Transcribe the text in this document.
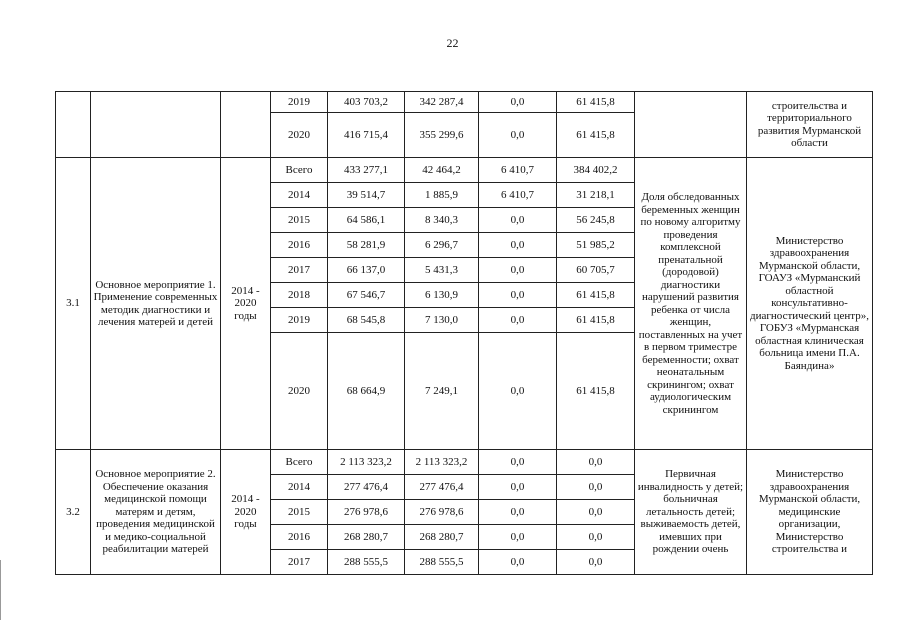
22
			2019	403 703,2	342 287,4	0,0	61 415,8		строительства и территориального развития Мурманской области
			2020	416 715,4	355 299,6	0,0	61 415,8		
3.1	Основное мероприятие 1. Применение современных методик диагностики и лечения матерей и детей	2014 - 2020 годы	Всего	433 277,1	42 464,2	6 410,7	384 402,2	Доля обследованных беременных женщин по новому алгоритму проведения комплексной пренатальной (дородовой) диагностики нарушений развития ребенка от числа женщин, поставленных на учет в первом триместре беременности; охват неонатальным скринингом; охват аудиологическим скринингом	Министерство здравоохранения Мурманской области, ГОАУЗ «Мурманский областной консультативно-диагностический центр», ГОБУЗ «Мурманская областная клиническая больница имени П.А. Баяндина»
			2014	39 514,7	1 885,9	6 410,7	31 218,1		
			2015	64 586,1	8 340,3	0,0	56 245,8		
			2016	58 281,9	6 296,7	0,0	51 985,2		
			2017	66 137,0	5 431,3	0,0	60 705,7		
			2018	67 546,7	6 130,9	0,0	61 415,8		
			2019	68 545,8	7 130,0	0,0	61 415,8		
			2020	68 664,9	7 249,1	0,0	61 415,8		
3.2	Основное мероприятие 2. Обеспечение оказания медицинской помощи матерям и детям, проведения медицинской и медико-социальной реабилитации матерей	2014 - 2020 годы	Всего	2 113 323,2	2 113 323,2	0,0	0,0	Первичная инвалидность у детей; больничная летальность детей; выживаемость детей, имевших при рождении очень	Министерство здравоохранения Мурманской области, медицинские организации, Министерство строительства и
			2014	277 476,4	277 476,4	0,0	0,0		
			2015	276 978,6	276 978,6	0,0	0,0		
			2016	268 280,7	268 280,7	0,0	0,0		
			2017	288 555,5	288 555,5	0,0	0,0		
